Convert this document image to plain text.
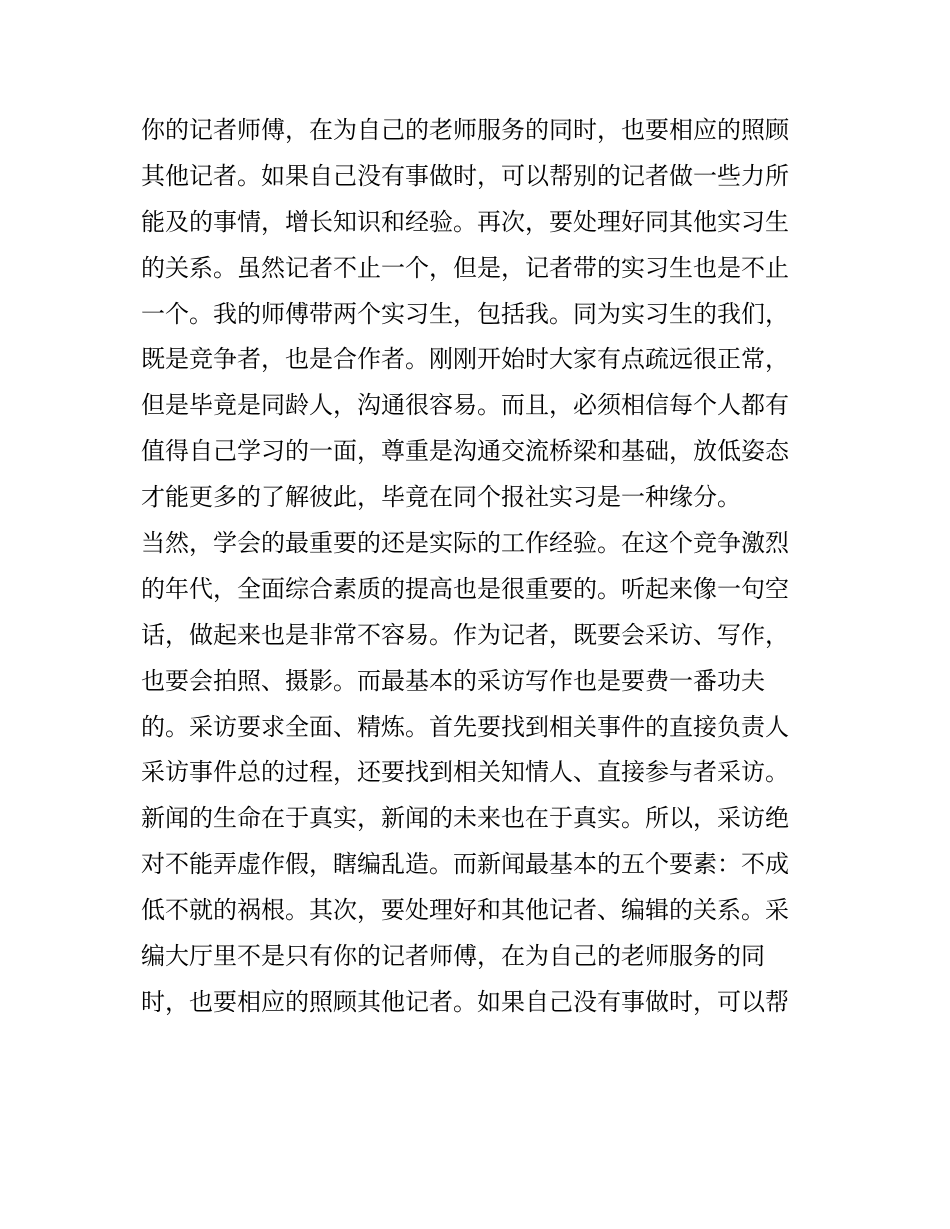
你的记者师傅，在为自己的老师服务的同时，也要相应的照顾
其他记者。如果自己没有事做时，可以帮别的记者做一些力所
能及的事情，增长知识和经验。再次，要处理好同其他实习生
的关系。虽然记者不止一个，但是，记者带的实习生也是不止
一个。我的师傅带两个实习生，包括我。同为实习生的我们，
既是竞争者，也是合作者。刚刚开始时大家有点疏远很正常，
但是毕竟是同龄人，沟通很容易。而且，必须相信每个人都有
值得自己学习的一面，尊重是沟通交流桥梁和基础，放低姿态
才能更多的了解彼此，毕竟在同个报社实习是一种缘分。
当然，学会的最重要的还是实际的工作经验。在这个竞争激烈
的年代，全面综合素质的提高也是很重要的。听起来像一句空
话，做起来也是非常不容易。作为记者，既要会采访、写作，
也要会拍照、摄影。而最基本的采访写作也是要费一番功夫
的。采访要求全面、精炼。首先要找到相关事件的直接负责人
采访事件总的过程，还要找到相关知情人、直接参与者采访。
新闻的生命在于真实，新闻的未来也在于真实。所以，采访绝
对不能弄虚作假，瞎编乱造。而新闻最基本的五个要素：不成
低不就的祸根。其次，要处理好和其他记者、编辑的关系。采
编大厅里不是只有你的记者师傅，在为自己的老师服务的同
时，也要相应的照顾其他记者。如果自己没有事做时，可以帮
